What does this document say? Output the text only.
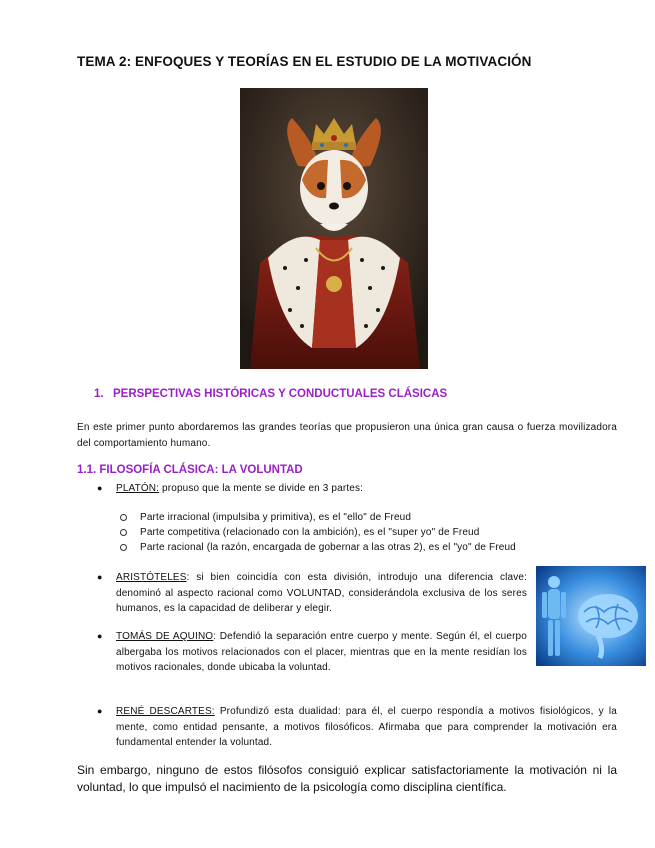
TEMA 2: ENFOQUES Y TEORÍAS EN EL ESTUDIO DE LA MOTIVACIÓN
1. PERSPECTIVAS HISTÓRICAS Y CONDUCTUALES CLÁSICAS

En este primer punto abordaremos las grandes teorías que propusieron una única gran causa o fuerza movilizadora del comportamiento humano.

1.1. FILOSOFÍA CLÁSICA: LA VOLUNTAD
● PLATÓN: propuso que la mente se divide en 3 partes:
Parte irracional (impulsiba y primitiva), es el "ello" de Freud
Parte competitiva (relacionado con la ambición), es el "super yo" de Freud
Parte racional (la razón, encargada de gobernar a las otras 2), es el "yo" de Freud
● ARISTÓTELES: si bien coincidía con esta división, introdujo una diferencia clave: denominó al aspecto racional como VOLUNTAD, considerándola exclusiva de los seres humanos, es la capacidad de deliberar y elegir.
● TOMÁS DE AQUINO: Defendió la separación entre cuerpo y mente. Según él, el cuerpo albergaba los motivos relacionados con el placer, mientras que en la mente residían los motivos racionales, donde ubicaba la voluntad.
● RENÉ DESCARTES: Profundizó esta dualidad: para él, el cuerpo respondía a motivos fisiológicos, y la mente, como entidad pensante, a motivos filosóficos. Afirmaba que para comprender la motivación era fundamental entender la voluntad.

Sin embargo, ninguno de estos filósofos consiguió explicar satisfactoriamente la motivación ni la voluntad, lo que impulsó el nacimiento de la psicología como disciplina científica.
